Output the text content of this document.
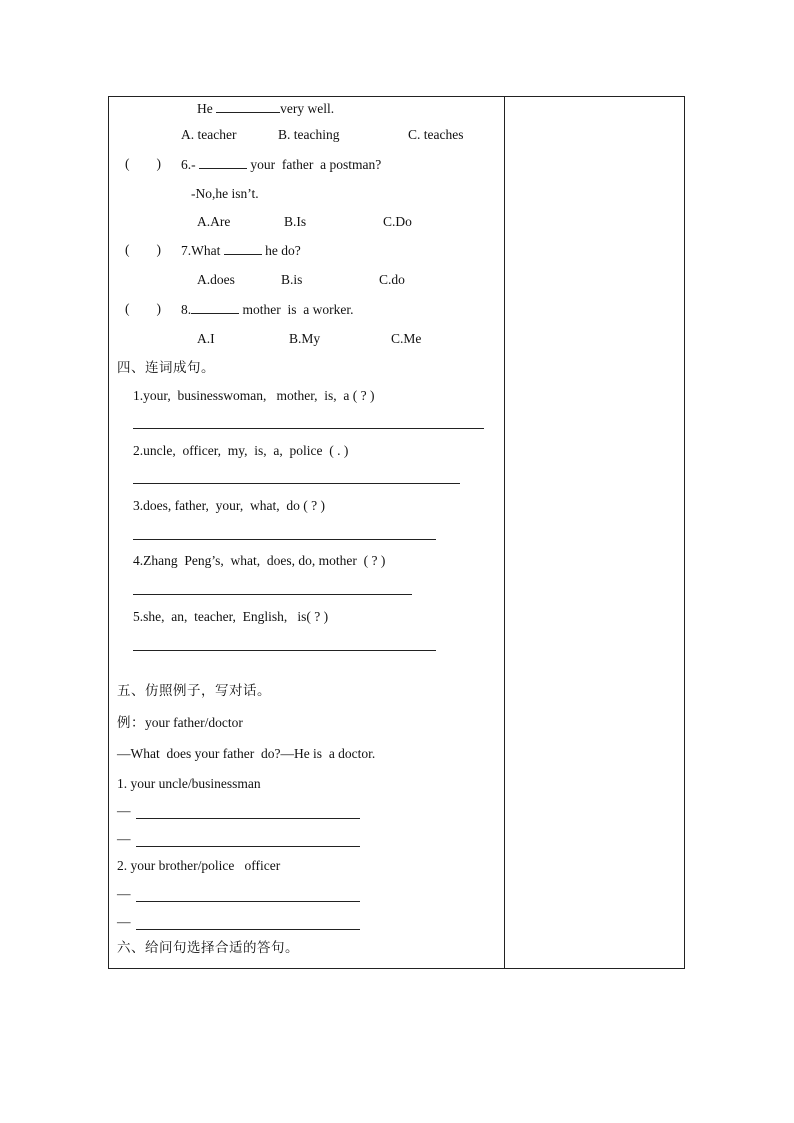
He	very well.
A. teacher	B. teaching	C. teaches
(        ) 6.-	your  father  a postman?
-No,he isn’t.
A.Are	B.Is	C.Do
(        ) 7.What	he do?
A.does	B.is	C.do
(        ) 8.	mother  is  a worker.
A.I	B.My	C.Me
四、连词成句。
1.your,  businesswoman,   mother,  is,  a ( ? )
2.uncle,  officer,  my,  is,  a,  police  ( . )
3.does, father,  your,  what,  do ( ? )
4.Zhang  Peng’s,  what,  does, do, mother  ( ? )
5.she,  an,  teacher,  English,   is( ? )
五、仿照例子，写对话。
例：your father/doctor
—What  does your father  do?—He is  a doctor.
1. your uncle/businessman
—
—
2. your brother/police   officer
—
—
六、给问句选择合适的答句。
